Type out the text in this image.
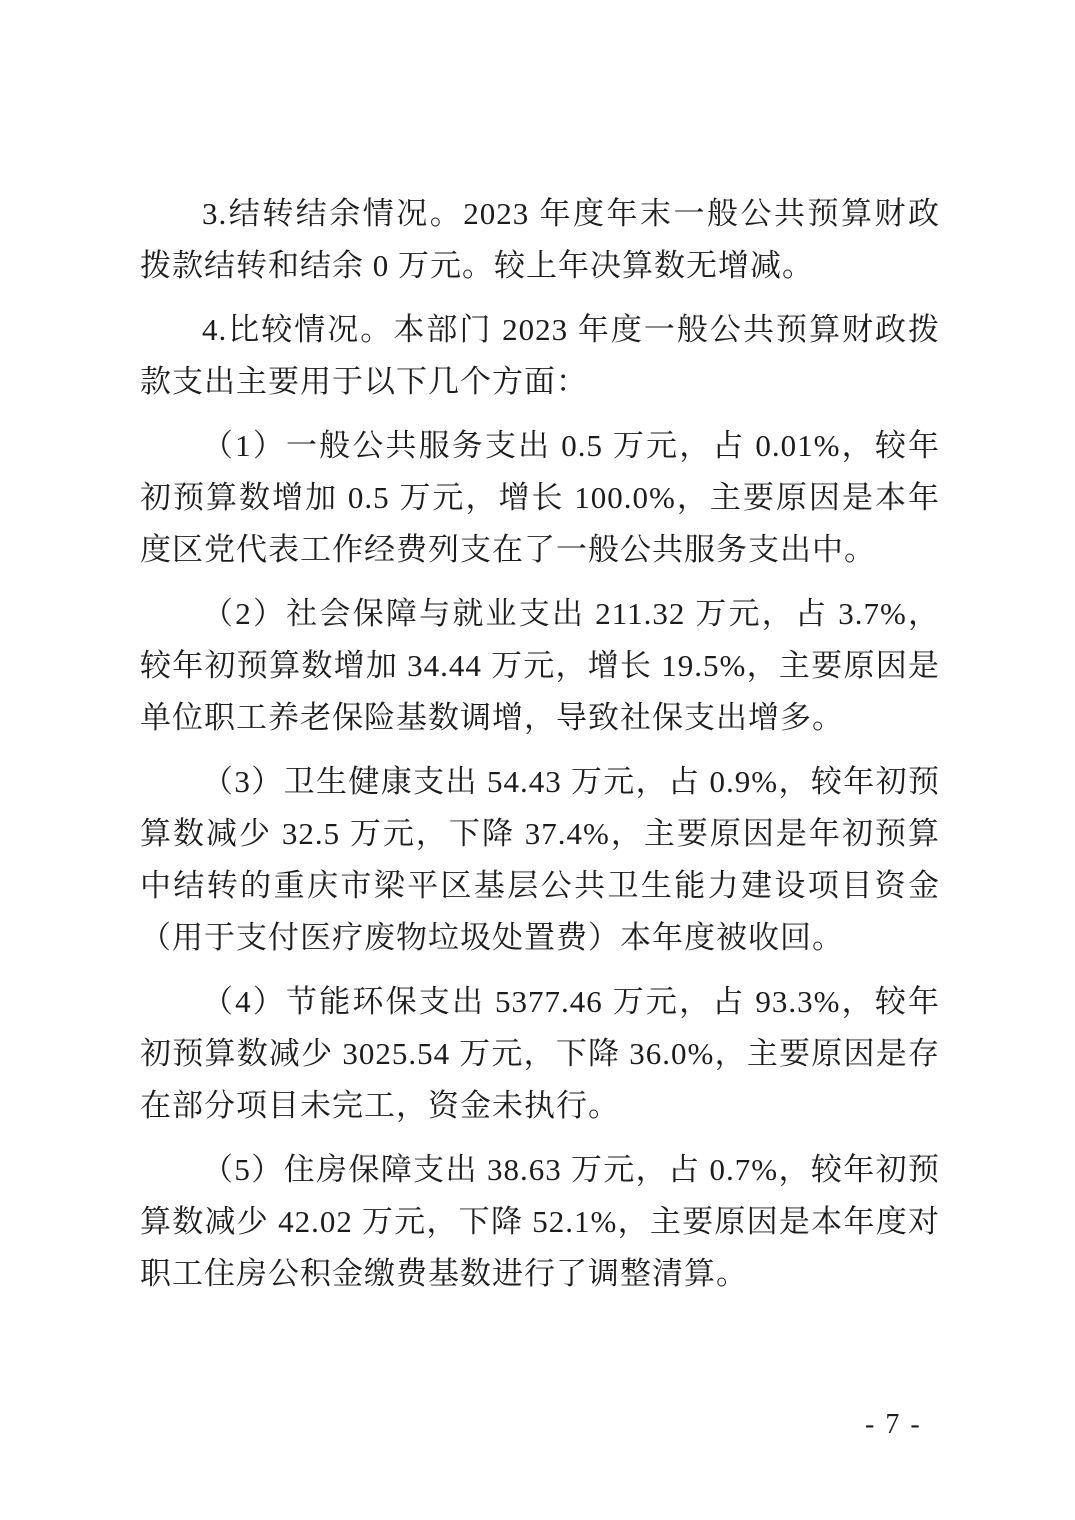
3.结转结余情况。2023 年度年末一般公共预算财政拨款结转和结余 0 万元。较上年决算数无增减。

4.比较情况。本部门 2023 年度一般公共预算财政拨款支出主要用于以下几个方面：

（1）一般公共服务支出 0.5 万元，占 0.01%，较年初预算数增加 0.5 万元，增长 100.0%，主要原因是本年度区党代表工作经费列支在了一般公共服务支出中。

（2）社会保障与就业支出 211.32 万元，占 3.7%，较年初预算数增加 34.44 万元，增长 19.5%，主要原因是单位职工养老保险基数调增，导致社保支出增多。

（3）卫生健康支出 54.43 万元，占 0.9%，较年初预算数减少 32.5 万元，下降 37.4%，主要原因是年初预算中结转的重庆市梁平区基层公共卫生能力建设项目资金（用于支付医疗废物垃圾处置费）本年度被收回。

（4）节能环保支出 5377.46 万元，占 93.3%，较年初预算数减少 3025.54 万元，下降 36.0%，主要原因是存在部分项目未完工，资金未执行。

（5）住房保障支出 38.63 万元，占 0.7%，较年初预算数减少 42.02 万元，下降 52.1%，主要原因是本年度对职工住房公积金缴费基数进行了调整清算。

- 7 -
